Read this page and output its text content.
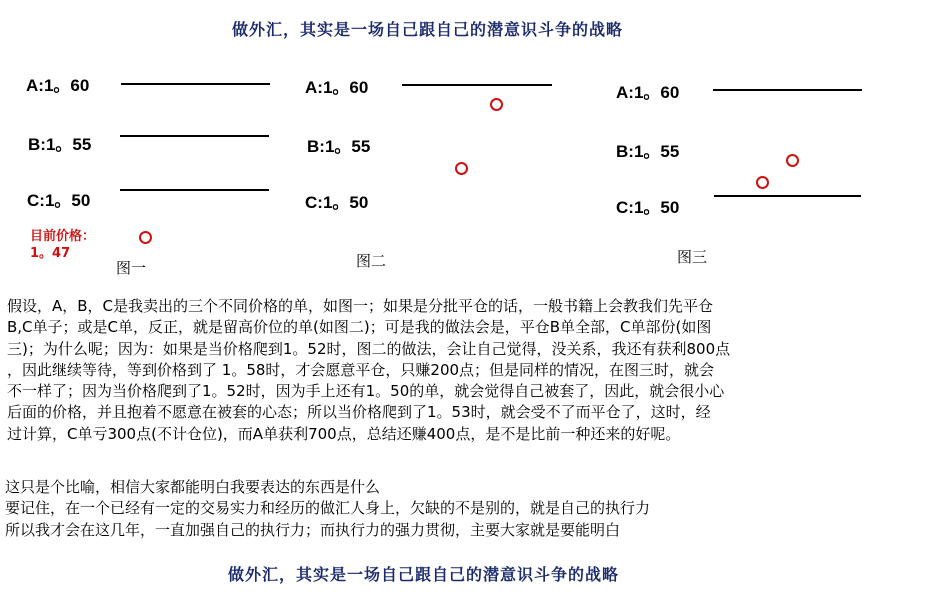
做外汇，其实是一场自己跟自己的潜意识斗争的战略
A:1。60
B:1。55
C:1。50
目前价格：
1。47
图一
A:1。60
B:1。55
C:1。50
图二
A:1。60
B:1。55
C:1。50
图三
假设，A，B，C是我卖出的三个不同价格的单，如图一；如果是分批平仓的话，一般书籍上会教我们先平仓
B,C单子；或是C单，反正，就是留高价位的单(如图二)；可是我的做法会是，平仓B单全部，C单部份(如图
三)；为什么呢；因为：如果是当价格爬到1。52时，图二的做法，会让自己觉得，没关系，我还有获利800点
，因此继续等待，等到价格到了 1。58时，才会愿意平仓，只赚200点；但是同样的情况，在图三时，就会
不一样了；因为当价格爬到了1。52时，因为手上还有1。50的单，就会觉得自己被套了，因此，就会很小心
后面的价格，并且抱着不愿意在被套的心态；所以当价格爬到了1。53时，就会受不了而平仓了，这时，经
过计算，C单亏300点(不计仓位)，而A单获利700点，总结还赚400点，是不是比前一种还来的好呢。
这只是个比喻，相信大家都能明白我要表达的东西是什么
要记住，在一个已经有一定的交易实力和经历的做汇人身上，欠缺的不是别的，就是自己的执行力
所以我才会在这几年，一直加强自己的执行力；而执行力的强力贯彻，主要大家就是要能明白
做外汇，其实是一场自己跟自己的潜意识斗争的战略
